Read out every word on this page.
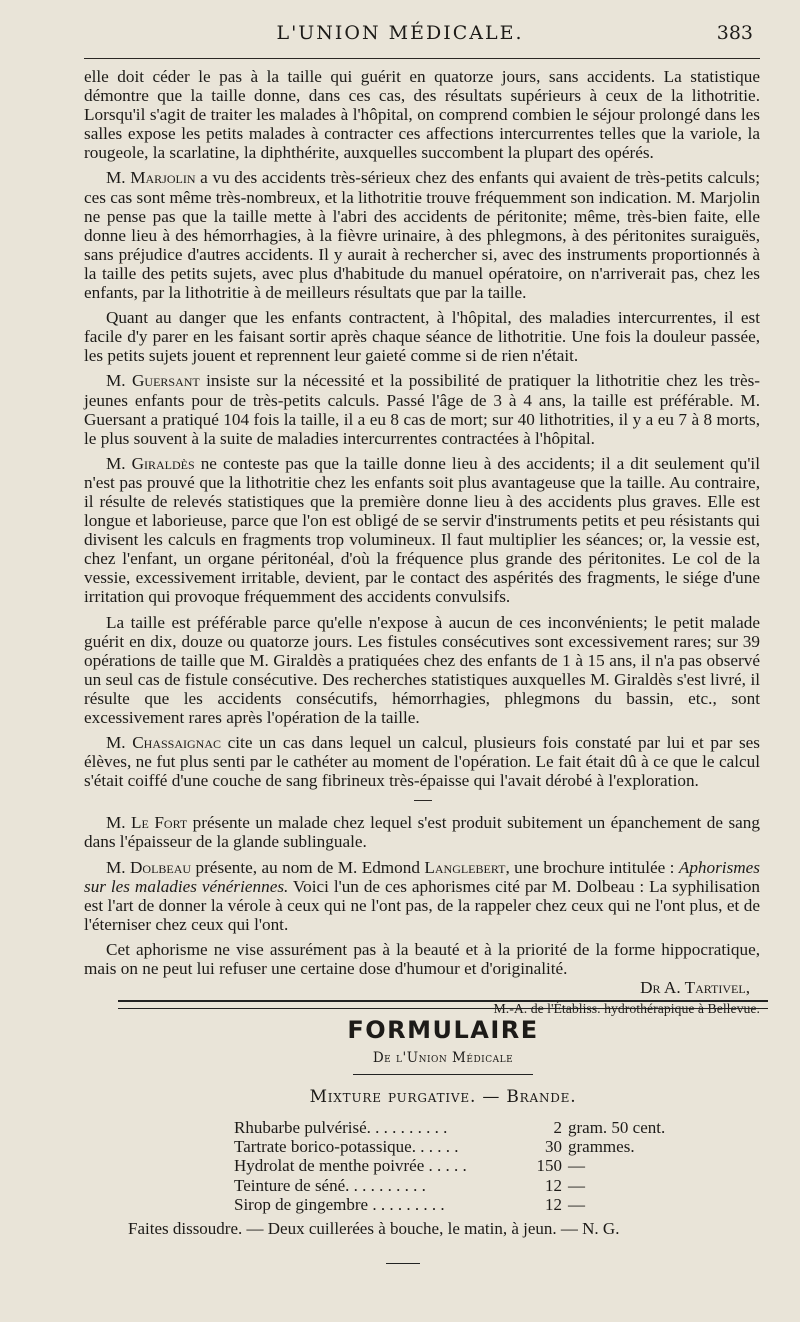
L'UNION MÉDICALE.	383

elle doit céder le pas à la taille qui guérit en quatorze jours, sans accidents. La statistique démontre que la taille donne, dans ces cas, des résultats supérieurs à ceux de la lithotritie. Lorsqu'il s'agit de traiter les malades à l'hôpital, on comprend combien le séjour prolongé dans les salles expose les petits malades à contracter ces affections intercurrentes telles que la variole, la rougeole, la scarlatine, la diphthérite, auxquelles succombent la plupart des opérés.

M. Marjolin a vu des accidents très-sérieux chez des enfants qui avaient de très-petits calculs; ces cas sont même très-nombreux, et la lithotritie trouve fréquemment son indication. M. Marjolin ne pense pas que la taille mette à l'abri des accidents de péritonite; même, très-bien faite, elle donne lieu à des hémorrhagies, à la fièvre urinaire, à des phlegmons, à des péritonites suraiguës, sans préjudice d'autres accidents. Il y aurait à rechercher si, avec des instruments proportionnés à la taille des petits sujets, avec plus d'habitude du manuel opératoire, on n'arriverait pas, chez les enfants, par la lithotritie à de meilleurs résultats que par la taille.

Quant au danger que les enfants contractent, à l'hôpital, des maladies intercurrentes, il est facile d'y parer en les faisant sortir après chaque séance de lithotritie. Une fois la douleur passée, les petits sujets jouent et reprennent leur gaieté comme si de rien n'était.

M. Guersant insiste sur la nécessité et la possibilité de pratiquer la lithotritie chez les très-jeunes enfants pour de très-petits calculs. Passé l'âge de 3 à 4 ans, la taille est préférable. M. Guersant a pratiqué 104 fois la taille, il a eu 8 cas de mort; sur 40 lithotrities, il y a eu 7 à 8 morts, le plus souvent à la suite de maladies intercurrentes contractées à l'hôpital.

M. Giraldès ne conteste pas que la taille donne lieu à des accidents; il a dit seulement qu'il n'est pas prouvé que la lithotritie chez les enfants soit plus avantageuse que la taille. Au contraire, il résulte de relevés statistiques que la première donne lieu à des accidents plus graves. Elle est longue et laborieuse, parce que l'on est obligé de se servir d'instruments petits et peu résistants qui divisent les calculs en fragments trop volumineux. Il faut multiplier les séances; or, la vessie est, chez l'enfant, un organe péritonéal, d'où la fréquence plus grande des péritonites. Le col de la vessie, excessivement irritable, devient, par le contact des aspérités des fragments, le siége d'une irritation qui provoque fréquemment des accidents convulsifs.

La taille est préférable parce qu'elle n'expose à aucun de ces inconvénients; le petit malade guérit en dix, douze ou quatorze jours. Les fistules consécutives sont excessivement rares; sur 39 opérations de taille que M. Giraldès a pratiquées chez des enfants de 1 à 15 ans, il n'a pas observé un seul cas de fistule consécutive. Des recherches statistiques auxquelles M. Giraldès s'est livré, il résulte que les accidents consécutifs, hémorrhagies, phlegmons du bassin, etc., sont excessivement rares après l'opération de la taille.

M. Chassaignac cite un cas dans lequel un calcul, plusieurs fois constaté par lui et par ses élèves, ne fut plus senti par le cathéter au moment de l'opération. Le fait était dû à ce que le calcul s'était coiffé d'une couche de sang fibrineux très-épaisse qui l'avait dérobé à l'exploration.

M. Le Fort présente un malade chez lequel s'est produit subitement un épanchement de sang dans l'épaisseur de la glande sublinguale.

M. Dolbeau présente, au nom de M. Edmond Langlebert, une brochure intitulée : Aphorismes sur les maladies vénériennes. Voici l'un de ces aphorismes cité par M. Dolbeau : La syphilisation est l'art de donner la vérole à ceux qui ne l'ont pas, de la rappeler chez ceux qui ne l'ont plus, et de l'éterniser chez ceux qui l'ont.

Cet aphorisme ne vise assurément pas à la beauté et à la priorité de la forme hippocratique, mais on ne peut lui refuser une certaine dose d'humour et d'originalité.

Dr A. Tartivel,
M.-A. de l'Établiss. hydrothérapique à Bellevue.
FORMULAIRE
De l'Union Médicale
Mixture purgative. — Brande.
Rhubarbe pulvérisé. . . . . . . . . .	2 gram. 50 cent.
Tartrate borico-potassique. . . . . .	30 grammes.
Hydrolat de menthe poivrée . . . . .	150 —
Teinture de séné. . . . . . . . . .	12 —
Sirop de gingembre . . . . . . . . .	12 —
Faites dissoudre. — Deux cuillerées à bouche, le matin, à jeun. — N. G.
